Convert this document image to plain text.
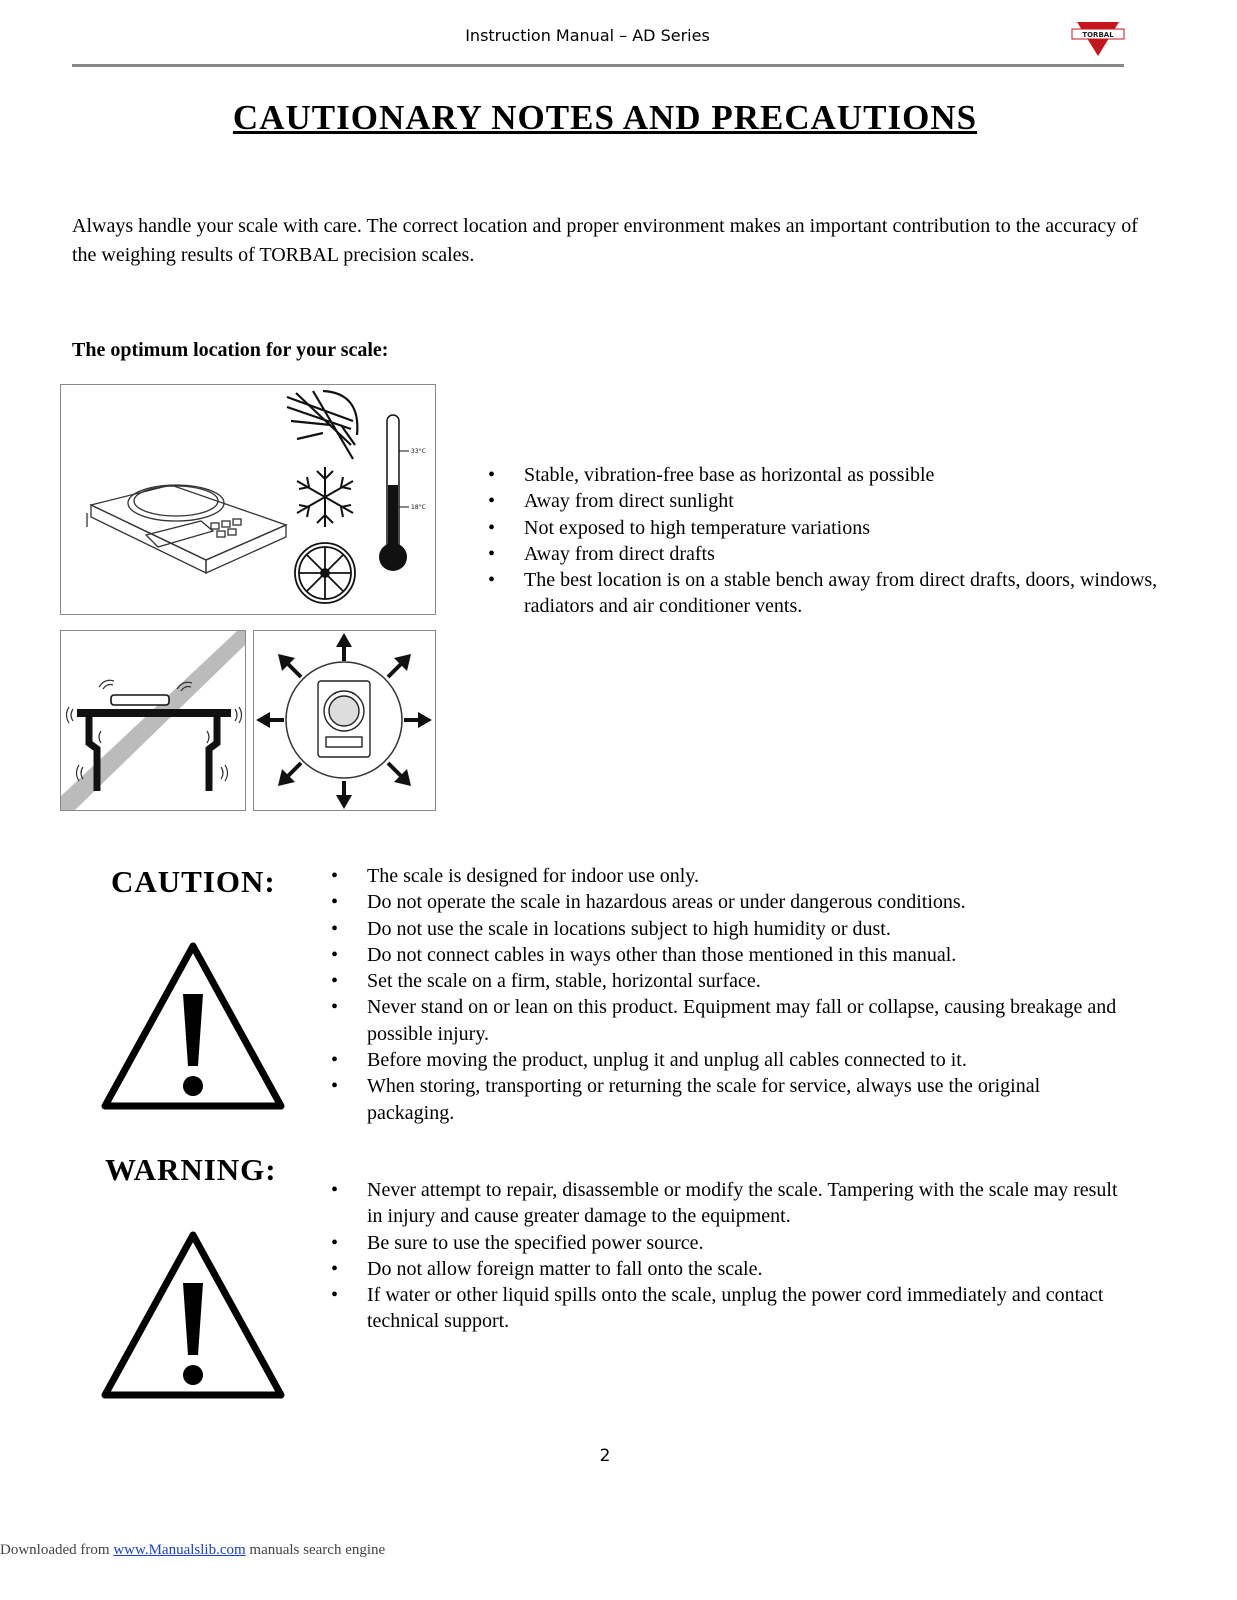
Instruction Manual – AD Series	TORBAL
CAUTIONARY NOTES AND PRECAUTIONS
Always handle your scale with care. The correct location and proper environment makes an important contribution to the accuracy of the weighing results of TORBAL precision scales.
The optimum location for your scale:
33°C
18°C
• Stable, vibration-free base as horizontal as possible
• Away from direct sunlight
• Not exposed to high temperature variations
• Away from direct drafts
• The best location is on a stable bench away from direct drafts, doors, windows, radiators and air conditioner vents.
CAUTION:
•	The scale is designed for indoor use only.
• Do not operate the scale in hazardous areas or under dangerous conditions.
• Do not use the scale in locations subject to high humidity or dust.
• Do not connect cables in ways other than those mentioned in this manual.
• Set the scale on a firm, stable, horizontal surface.
• Never stand on or lean on this product. Equipment may fall or collapse, causing breakage and possible injury.
• Before moving the product, unplug it and unplug all cables connected to it.
• When storing, transporting or returning the scale for service, always use the original packaging.
WARNING:
• Never attempt to repair, disassemble or modify the scale. Tampering with the scale may result in injury and cause greater damage to the equipment.
• Be sure to use the specified power source.
• Do not allow foreign matter to fall onto the scale.
• If water or other liquid spills onto the scale, unplug the power cord immediately and contact technical support.
2
Downloaded from www.Manualslib.com manuals search engine
